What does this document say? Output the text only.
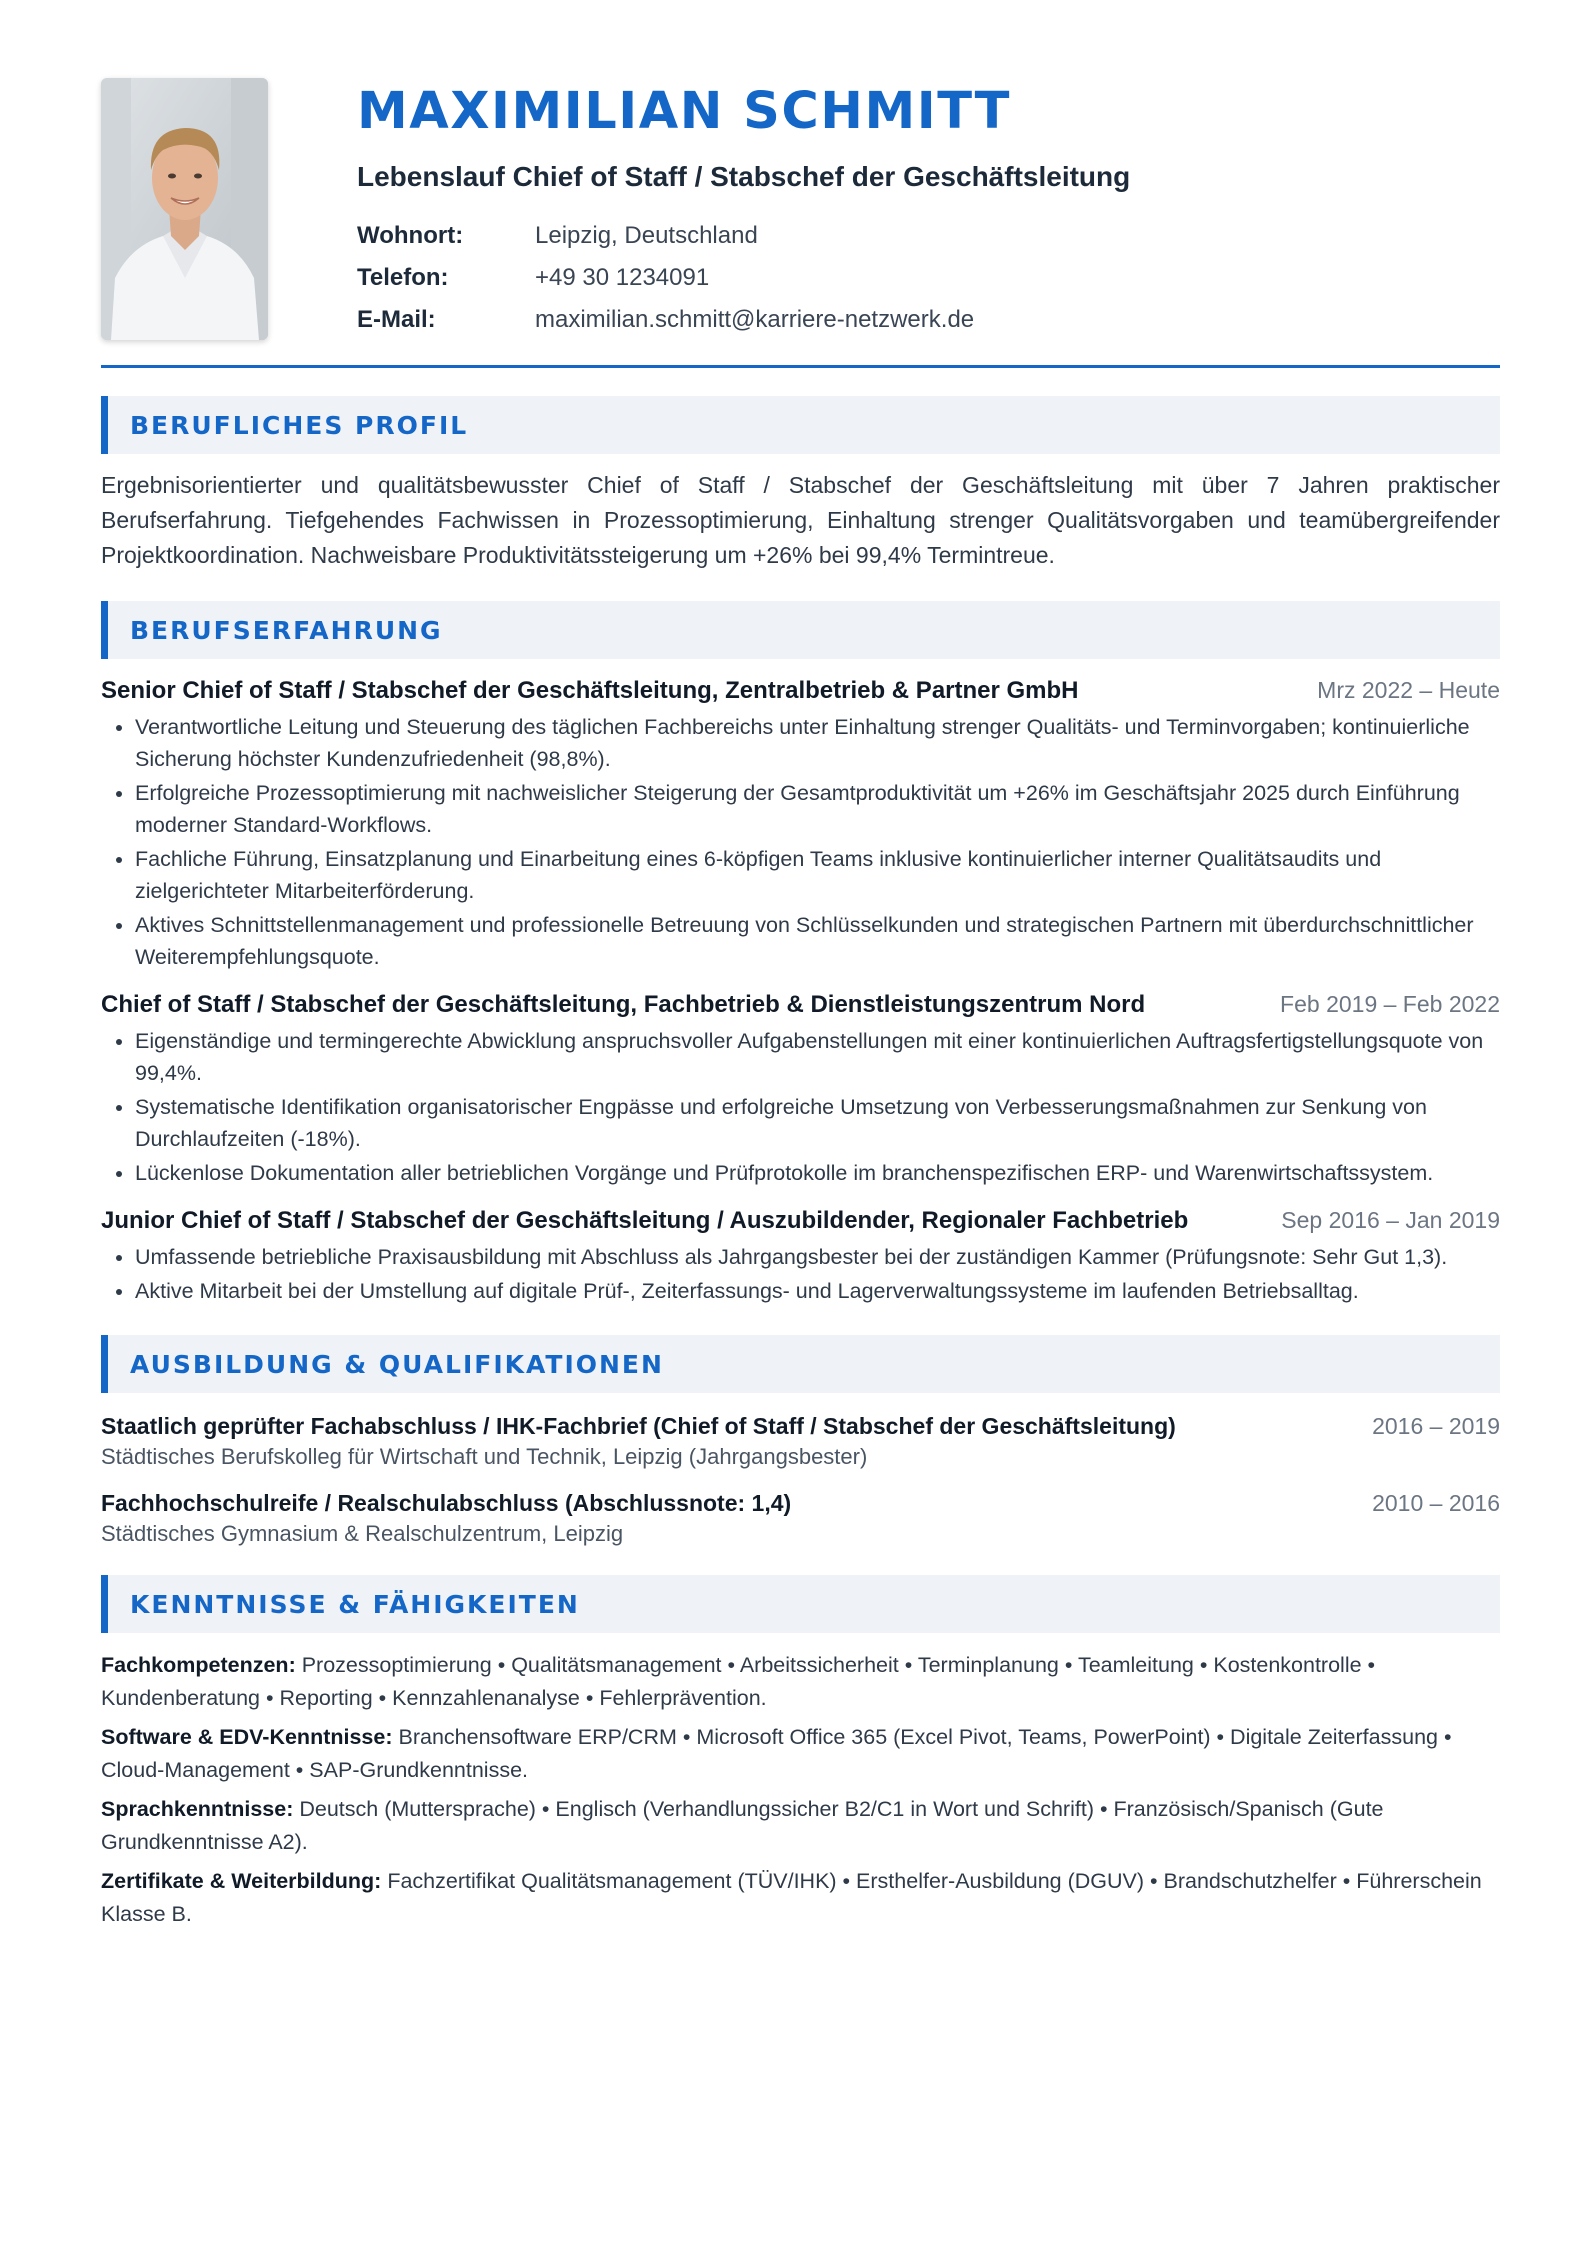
MAXIMILIAN SCHMITT
Lebenslauf Chief of Staff / Stabschef der Geschäftsleitung
Wohnort:	Leipzig, Deutschland
Telefon:	+49 30 1234091
E-Mail:	maximilian.schmitt@karriere-netzwerk.de
BERUFLICHES PROFIL
Ergebnisorientierter und qualitätsbewusster Chief of Staff / Stabschef der Geschäftsleitung mit über 7 Jahren praktischer Berufserfahrung. Tiefgehendes Fachwissen in Prozessoptimierung, Einhaltung strenger Qualitätsvorgaben und teamübergreifender Projektkoordination. Nachweisbare Produktivitätssteigerung um +26% bei 99,4% Termintreue.
BERUFSERFAHRUNG
Senior Chief of Staff / Stabschef der Geschäftsleitung, Zentralbetrieb & Partner GmbH	Mrz 2022 – Heute
• Verantwortliche Leitung und Steuerung des täglichen Fachbereichs unter Einhaltung strenger Qualitäts- und Terminvorgaben; kontinuierliche Sicherung höchster Kundenzufriedenheit (98,8%).
• Erfolgreiche Prozessoptimierung mit nachweislicher Steigerung der Gesamtproduktivität um +26% im Geschäftsjahr 2025 durch Einführung moderner Standard-Workflows.
• Fachliche Führung, Einsatzplanung und Einarbeitung eines 6-köpfigen Teams inklusive kontinuierlicher interner Qualitätsaudits und zielgerichteter Mitarbeiterförderung.
• Aktives Schnittstellenmanagement und professionelle Betreuung von Schlüsselkunden und strategischen Partnern mit überdurchschnittlicher Weiterempfehlungsquote.
Chief of Staff / Stabschef der Geschäftsleitung, Fachbetrieb & Dienstleistungszentrum Nord	Feb 2019 – Feb 2022
• Eigenständige und termingerechte Abwicklung anspruchsvoller Aufgabenstellungen mit einer kontinuierlichen Auftragsfertigstellungsquote von 99,4%.
• Systematische Identifikation organisatorischer Engpässe und erfolgreiche Umsetzung von Verbesserungsmaßnahmen zur Senkung von Durchlaufzeiten (-18%).
• Lückenlose Dokumentation aller betrieblichen Vorgänge und Prüfprotokolle im branchenspezifischen ERP- und Warenwirtschaftssystem.
Junior Chief of Staff / Stabschef der Geschäftsleitung / Auszubildender, Regionaler Fachbetrieb	Sep 2016 – Jan 2019
• Umfassende betriebliche Praxisausbildung mit Abschluss als Jahrgangsbester bei der zuständigen Kammer (Prüfungsnote: Sehr Gut 1,3).
• Aktive Mitarbeit bei der Umstellung auf digitale Prüf-, Zeiterfassungs- und Lagerverwaltungssysteme im laufenden Betriebsalltag.
AUSBILDUNG & QUALIFIKATIONEN
Staatlich geprüfter Fachabschluss / IHK-Fachbrief (Chief of Staff / Stabschef der Geschäftsleitung)	2016 – 2019
Städtisches Berufskolleg für Wirtschaft und Technik, Leipzig (Jahrgangsbester)
Fachhochschulreife / Realschulabschluss (Abschlussnote: 1,4)	2010 – 2016
Städtisches Gymnasium & Realschulzentrum, Leipzig
KENNTNISSE & FÄHIGKEITEN
Fachkompetenzen: Prozessoptimierung • Qualitätsmanagement • Arbeitssicherheit • Terminplanung • Teamleitung • Kostenkontrolle • Kundenberatung • Reporting • Kennzahlenanalyse • Fehlerprävention.
Software & EDV-Kenntnisse: Branchensoftware ERP/CRM • Microsoft Office 365 (Excel Pivot, Teams, PowerPoint) • Digitale Zeiterfassung • Cloud-Management • SAP-Grundkenntnisse.
Sprachkenntnisse: Deutsch (Muttersprache) • Englisch (Verhandlungssicher B2/C1 in Wort und Schrift) • Französisch/Spanisch (Gute Grundkenntnisse A2).
Zertifikate & Weiterbildung: Fachzertifikat Qualitätsmanagement (TÜV/IHK) • Ersthelfer-Ausbildung (DGUV) • Brandschutzhelfer • Führerschein Klasse B.
